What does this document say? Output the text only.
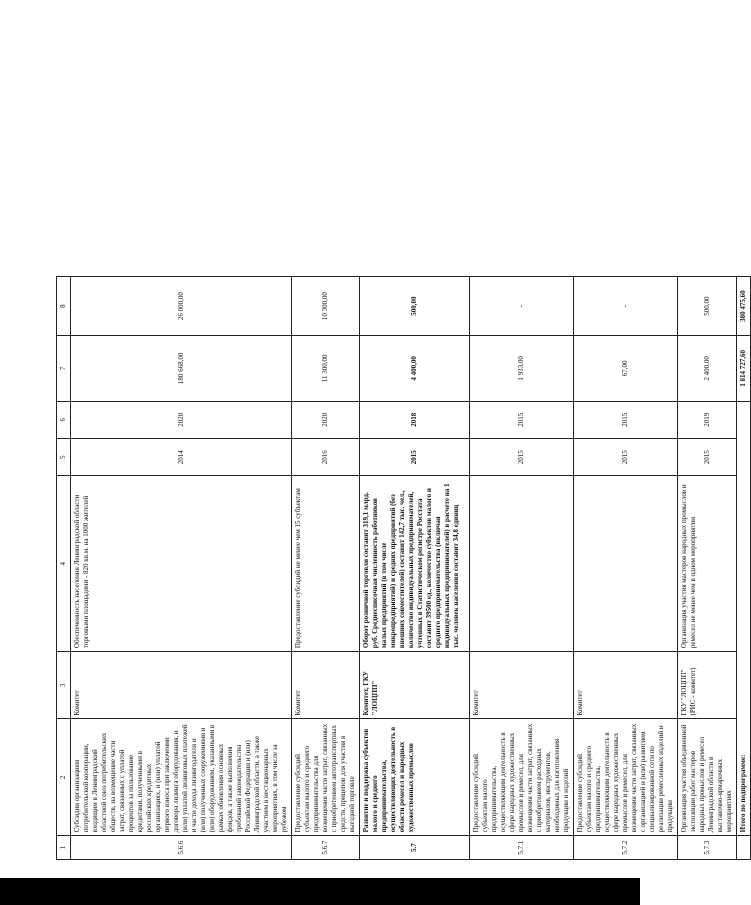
1	2	3	4	5	6	7	8
5.6.6	Субсидии организациям потребительской кооперации, входящим в Ленинградский областной союз потребительских обществ, на возмещение части затрат, связанных с уплатой процентов за пользование кредитами, полученными в российских кредитных организациях, и (или) уплатой первого взноса при заключении договора лизинга оборудования, и (или) уплатой лизинговых платежей и части дохода лизингодателя и (или) полученных сооружениями и (или) оборудованием, указанными в рамках обновления основных фондов, а также выполнения требований законодательства Российской Федерации и (или) Ленинградской области, а также участием в нестационарных мероприятиях, в том числе за рубежом	Комитет	Обеспеченность населения Ленинградской области торговыми площадями - 820 кв.м. на 1000 жителей	2014	2020	180 668,00	26 000,00
5.6.7	Предоставление субсидий субъектам малого и среднего предпринимательства для возмещения части затрат, связанных с приобретением автотранспортных средств, прицепов для участия в выездной торговле	Комитет	Предоставление субсидий не менее чем 15 субъектам	2016	2020	11 300,00	10 300,00
5.7	Развитие и поддержка субъектов малого и среднего предпринимательства, осуществляющих деятельность в области ремесел и народных художественных промыслов	Комитет, ГКУ "ЛОЦПП"	Оборот розничной торговли составит 319,1 млрд. руб. Среднесписочная численность работников малых предприятий (в том числе микропредприятий) и средних предприятий (без внешних совместителей) составит 142,7 тыс. чел., количество индивидуальных предпринимателей, учтенных в Статистическом регистре Росстата составит 39500 ед., количество субъектов малого и среднего предпринимательства (включая индивидуальных предпринимателей) в расчете на 1 тыс. человек населения составит 34,8 единиц	2015	2018	4 400,00	500,00
5.7.1	Предоставление субсидий субъектам малого предпринимательства, осуществляющим деятельность в сфере народных художественных промыслов и ремесел, для возмещения части затрат, связанных с приобретением расходных материалов, инструментов, необходимых для изготовления продукции и изделий	Комитет		2015	2015	1 933,00	-
5.7.2	Предоставление субсидий субъектам малого и среднего предпринимательства, осуществляющим деятельность в сфере народных художественных промыслов и ремесел, для возмещения части затрат, связанных с организацией и (или) развитием специализированной сети по реализации ремесленных изделий и продукции	Комитет		2015	2015	67,00	-
5.7.3	Организация участия объединенной экспозиции работ мастеров народных промыслов и ремесел Ленинградской области в выставочно-ярмарочных мероприятиях	ГКУ "ЛОЦПП" (РИС - комитет)	Организация участия мастеров народных промыслов и ремесел не менее чем в одном мероприятии	2015	2019	2 400,00	500,00
	Итого по подпрограмме:					1 814 727,60	380 475,60
